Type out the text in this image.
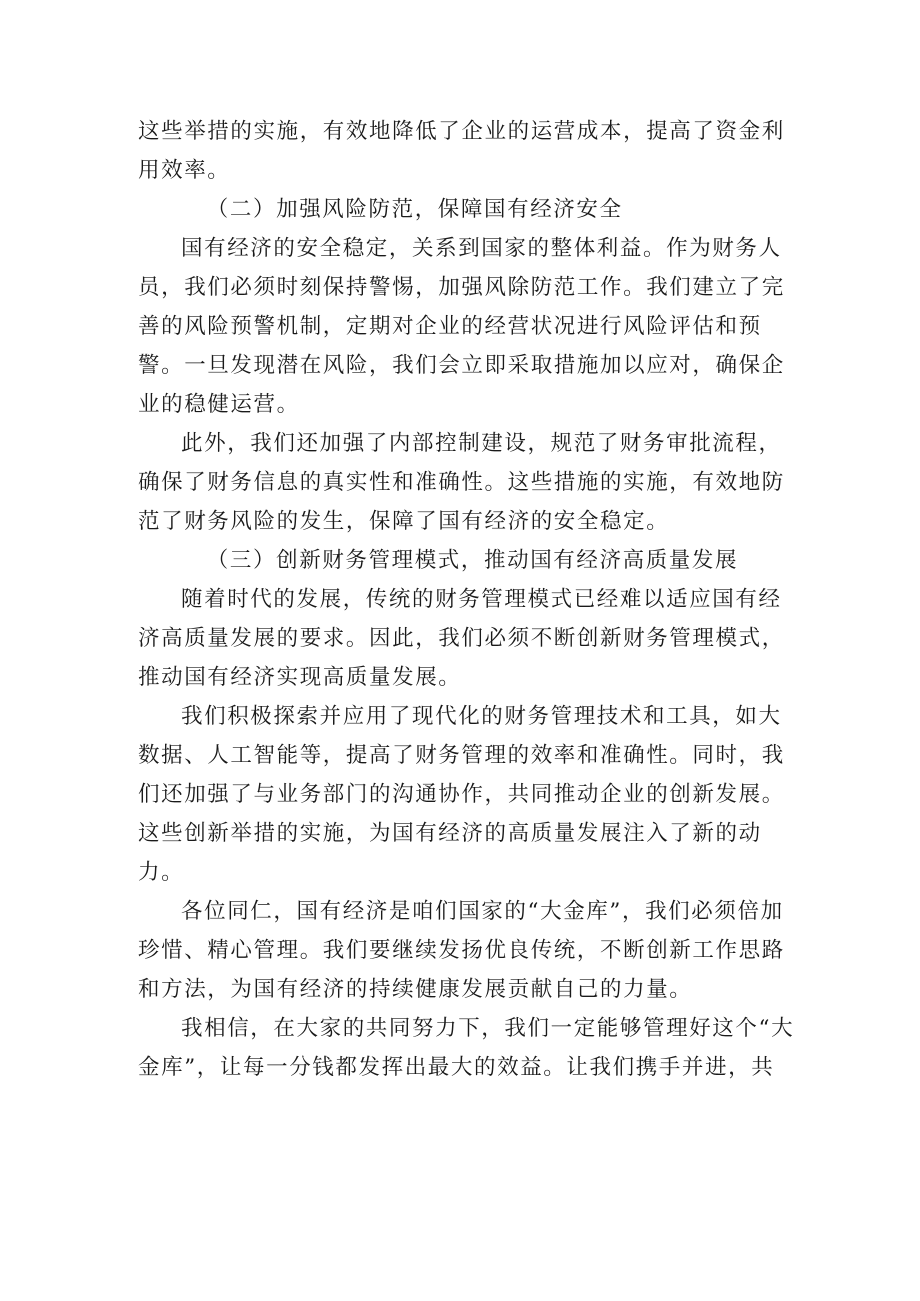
这些举措的实施，有效地降低了企业的运营成本，提高了资金利用效率。

（二）加强风险防范，保障国有经济安全

国有经济的安全稳定，关系到国家的整体利益。作为财务人员，我们必须时刻保持警惕，加强风除防范工作。我们建立了完善的风险预警机制，定期对企业的经营状况进行风险评估和预警。一旦发现潜在风险，我们会立即采取措施加以应对，确保企业的稳健运营。

此外，我们还加强了内部控制建设，规范了财务审批流程，确保了财务信息的真实性和准确性。这些措施的实施，有效地防范了财务风险的发生，保障了国有经济的安全稳定。

（三）创新财务管理模式，推动国有经济高质量发展

随着时代的发展，传统的财务管理模式已经难以适应国有经济高质量发展的要求。因此，我们必须不断创新财务管理模式，推动国有经济实现高质量发展。

我们积极探索并应用了现代化的财务管理技术和工具，如大数据、人工智能等，提高了财务管理的效率和准确性。同时，我们还加强了与业务部门的沟通协作，共同推动企业的创新发展。这些创新举措的实施，为国有经济的高质量发展注入了新的动力。

各位同仁，国有经济是咱们国家的“大金库”，我们必须倍加珍惜、精心管理。我们要继续发扬优良传统，不断创新工作思路和方法，为国有经济的持续健康发展贡献自己的力量。

我相信，在大家的共同努力下，我们一定能够管理好这个“大金库”，让每一分钱都发挥出最大的效益。让我们携手并进，共
